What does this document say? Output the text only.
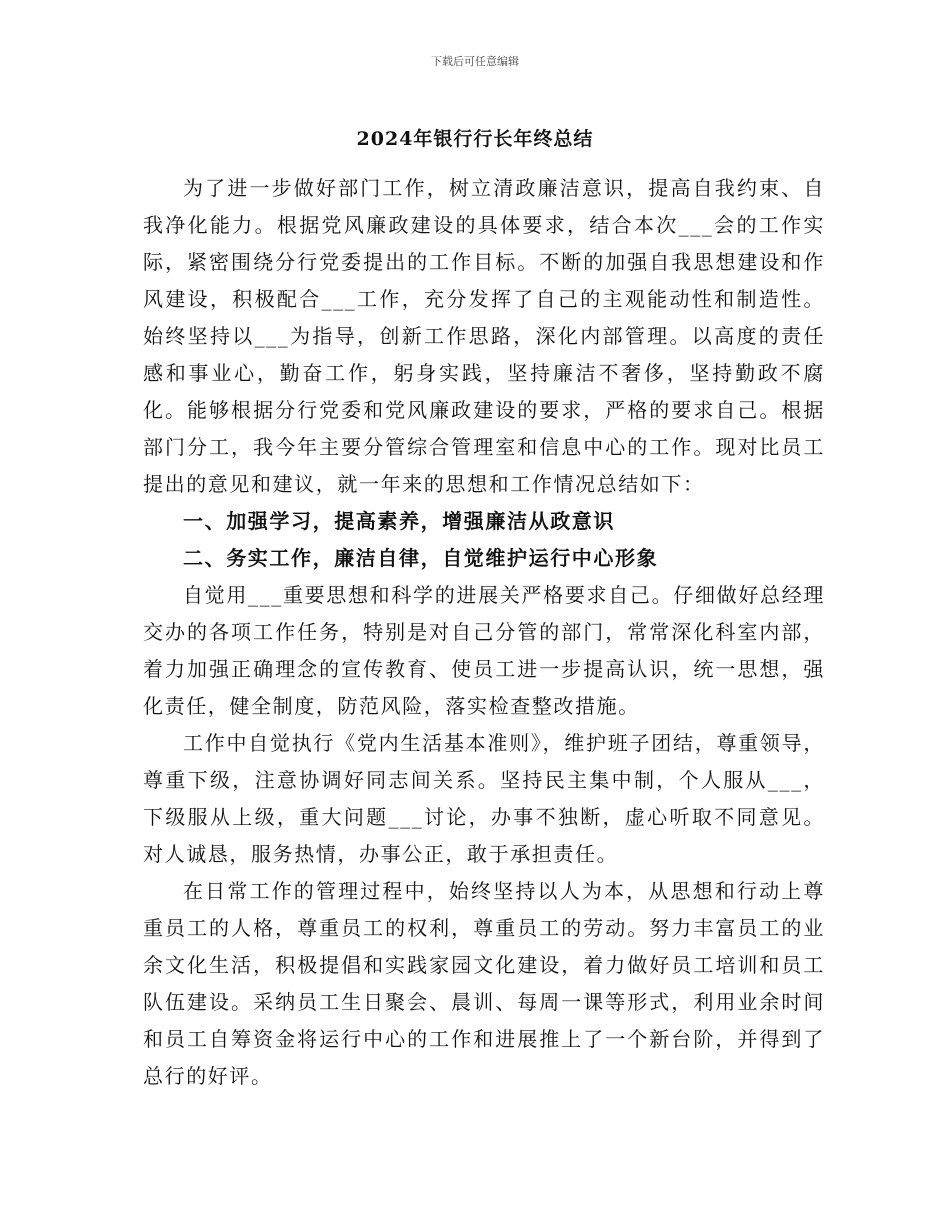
下载后可任意编辑
2024年银行行长年终总结

为了进一步做好部门工作，树立清政廉洁意识，提高自我约束、自我净化能力。根据党风廉政建设的具体要求，结合本次___会的工作实际，紧密围绕分行党委提出的工作目标。不断的加强自我思想建设和作风建设，积极配合___工作，充分发挥了自己的主观能动性和制造性。始终坚持以___为指导，创新工作思路，深化内部管理。以高度的责任感和事业心，勤奋工作，躬身实践，坚持廉洁不奢侈，坚持勤政不腐化。能够根据分行党委和党风廉政建设的要求，严格的要求自己。根据部门分工，我今年主要分管综合管理室和信息中心的工作。现对比员工提出的意见和建议，就一年来的思想和工作情况总结如下：

一、加强学习，提高素养，增强廉洁从政意识

二、务实工作，廉洁自律，自觉维护运行中心形象

自觉用___重要思想和科学的进展关严格要求自己。仔细做好总经理交办的各项工作任务，特别是对自己分管的部门，常常深化科室内部，着力加强正确理念的宣传教育、使员工进一步提高认识，统一思想，强化责任，健全制度，防范风险，落实检查整改措施。

工作中自觉执行《党内生活基本准则》，维护班子团结，尊重领导，尊重下级，注意协调好同志间关系。坚持民主集中制，个人服从___，下级服从上级，重大问题___讨论，办事不独断，虚心听取不同意见。对人诚恳，服务热情，办事公正，敢于承担责任。

在日常工作的管理过程中，始终坚持以人为本，从思想和行动上尊重员工的人格，尊重员工的权利，尊重员工的劳动。努力丰富员工的业余文化生活，积极提倡和实践家园文化建设，着力做好员工培训和员工队伍建设。采纳员工生日聚会、晨训、每周一课等形式，利用业余时间和员工自筹资金将运行中心的工作和进展推上了一个新台阶，并得到了总行的好评。
